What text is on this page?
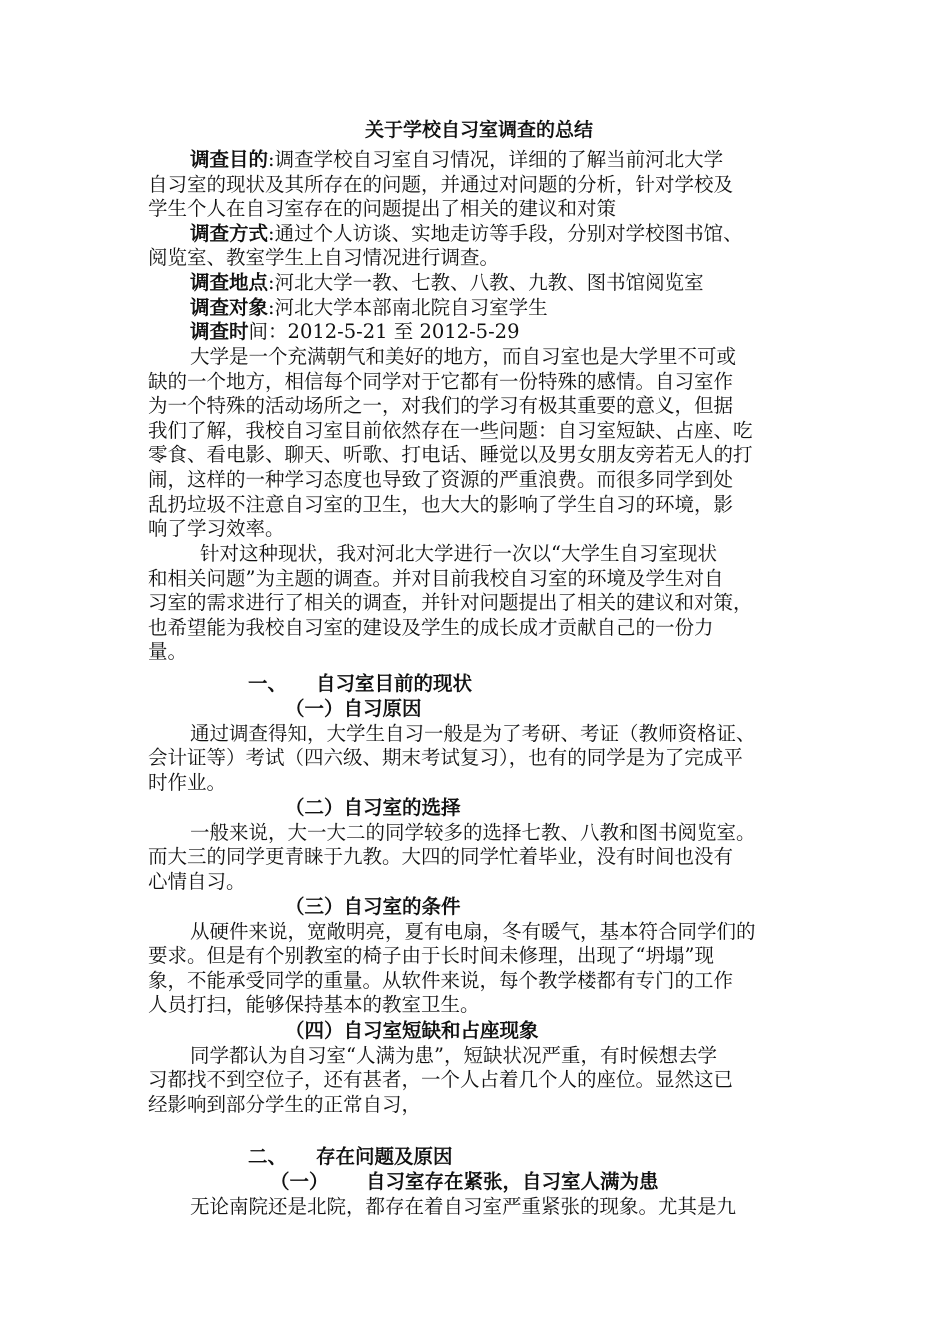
关于学校自习室调查的总结
调查目的:调查学校自习室自习情况，详细的了解当前河北大学
自习室的现状及其所存在的问题，并通过对问题的分析，针对学校及
学生个人在自习室存在的问题提出了相关的建议和对策
调查方式:通过个人访谈、实地走访等手段，分别对学校图书馆、
阅览室、教室学生上自习情况进行调查。
调查地点:河北大学一教、七教、八教、九教、图书馆阅览室
调查对象:河北大学本部南北院自习室学生
调查时间：2012-5-21 至 2012-5-29
大学是一个充满朝气和美好的地方，而自习室也是大学里不可或
缺的一个地方，相信每个同学对于它都有一份特殊的感情。自习室作
为一个特殊的活动场所之一，对我们的学习有极其重要的意义，但据
我们了解，我校自习室目前依然存在一些问题：自习室短缺、占座、吃
零食、看电影、聊天、听歌、打电话、睡觉以及男女朋友旁若无人的打
闹，这样的一种学习态度也导致了资源的严重浪费。而很多同学到处
乱扔垃圾不注意自习室的卫生，也大大的影响了学生自习的环境，影
响了学习效率。
针对这种现状，我对河北大学进行一次以“大学生自习室现状
和相关问题”为主题的调查。并对目前我校自习室的环境及学生对自
习室的需求进行了相关的调查，并针对问题提出了相关的建议和对策，
也希望能为我校自习室的建设及学生的成长成才贡献自己的一份力
量。
一、 自习室目前的现状
（一）自习原因
通过调查得知，大学生自习一般是为了考研、考证（教师资格证、
会计证等）考试（四六级、期末考试复习），也有的同学是为了完成平
时作业。
（二）自习室的选择
一般来说，大一大二的同学较多的选择七教、八教和图书阅览室。
而大三的同学更青睐于九教。大四的同学忙着毕业，没有时间也没有
心情自习。
（三）自习室的条件
从硬件来说，宽敞明亮，夏有电扇，冬有暖气，基本符合同学们的
要求。但是有个别教室的椅子由于长时间未修理，出现了“坍塌”现
象，不能承受同学的重量。从软件来说，每个教学楼都有专门的工作
人员打扫，能够保持基本的教室卫生。
（四）自习室短缺和占座现象
同学都认为自习室“人满为患”，短缺状况严重，有时候想去学
习都找不到空位子，还有甚者，一个人占着几个人的座位。显然这已
经影响到部分学生的正常自习，
二、 存在问题及原因
（一） 自习室存在紧张，自习室人满为患
无论南院还是北院，都存在着自习室严重紧张的现象。尤其是九
